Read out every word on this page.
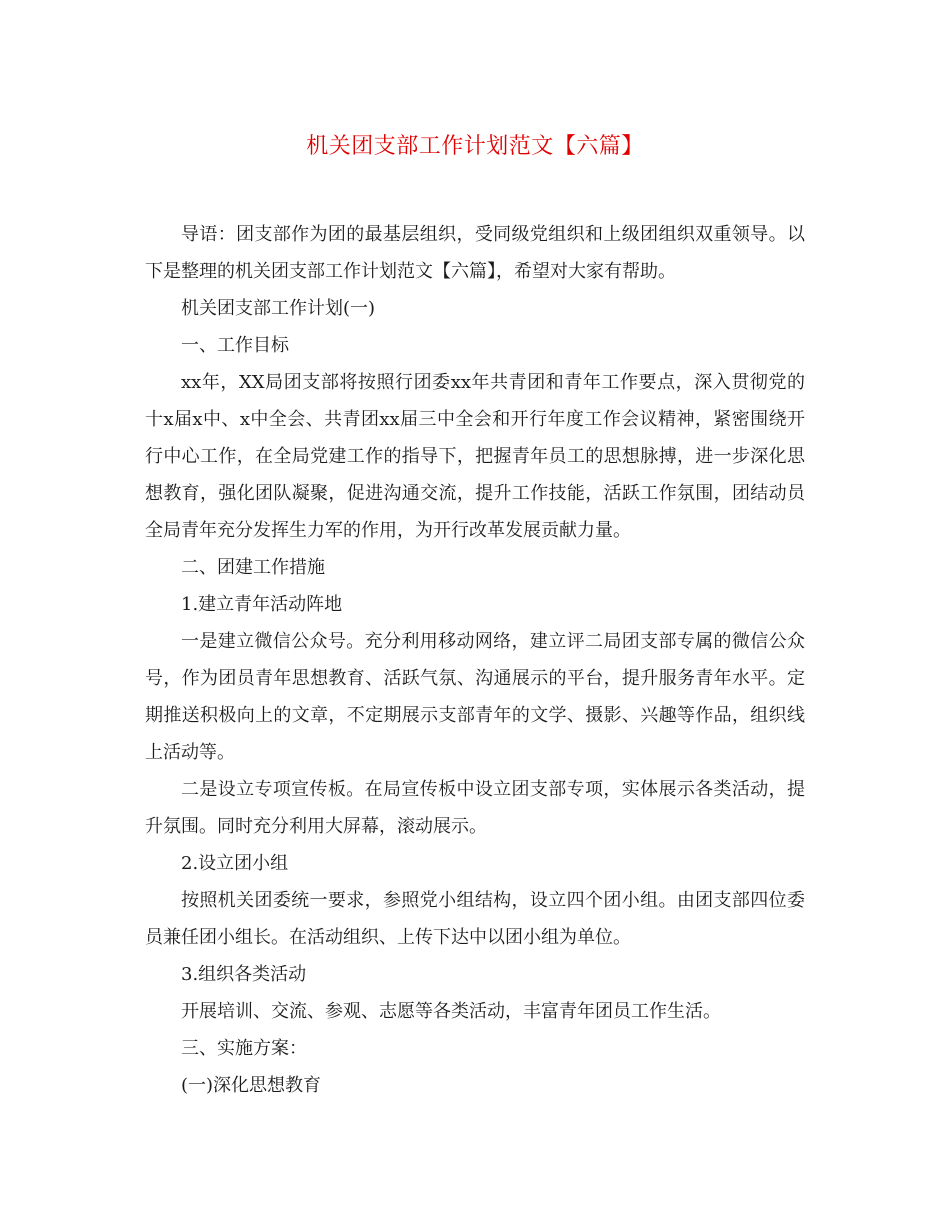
机关团支部工作计划范文【六篇】

导语：团支部作为团的最基层组织，受同级党组织和上级团组织双重领导。以下是整理的机关团支部工作计划范文【六篇】，希望对大家有帮助。

机关团支部工作计划(一)

一、工作目标

xx年，XX局团支部将按照行团委xx年共青团和青年工作要点，深入贯彻党的十x届x中、x中全会、共青团xx届三中全会和开行年度工作会议精神，紧密围绕开行中心工作，在全局党建工作的指导下，把握青年员工的思想脉搏，进一步深化思想教育，强化团队凝聚，促进沟通交流，提升工作技能，活跃工作氛围，团结动员全局青年充分发挥生力军的作用，为开行改革发展贡献力量。

二、团建工作措施

1.建立青年活动阵地

一是建立微信公众号。充分利用移动网络，建立评二局团支部专属的微信公众号，作为团员青年思想教育、活跃气氛、沟通展示的平台，提升服务青年水平。定期推送积极向上的文章，不定期展示支部青年的文学、摄影、兴趣等作品，组织线上活动等。

二是设立专项宣传板。在局宣传板中设立团支部专项，实体展示各类活动，提升氛围。同时充分利用大屏幕，滚动展示。

2.设立团小组

按照机关团委统一要求，参照党小组结构，设立四个团小组。由团支部四位委员兼任团小组长。在活动组织、上传下达中以团小组为单位。

3.组织各类活动

开展培训、交流、参观、志愿等各类活动，丰富青年团员工作生活。

三、实施方案：

(一)深化思想教育
